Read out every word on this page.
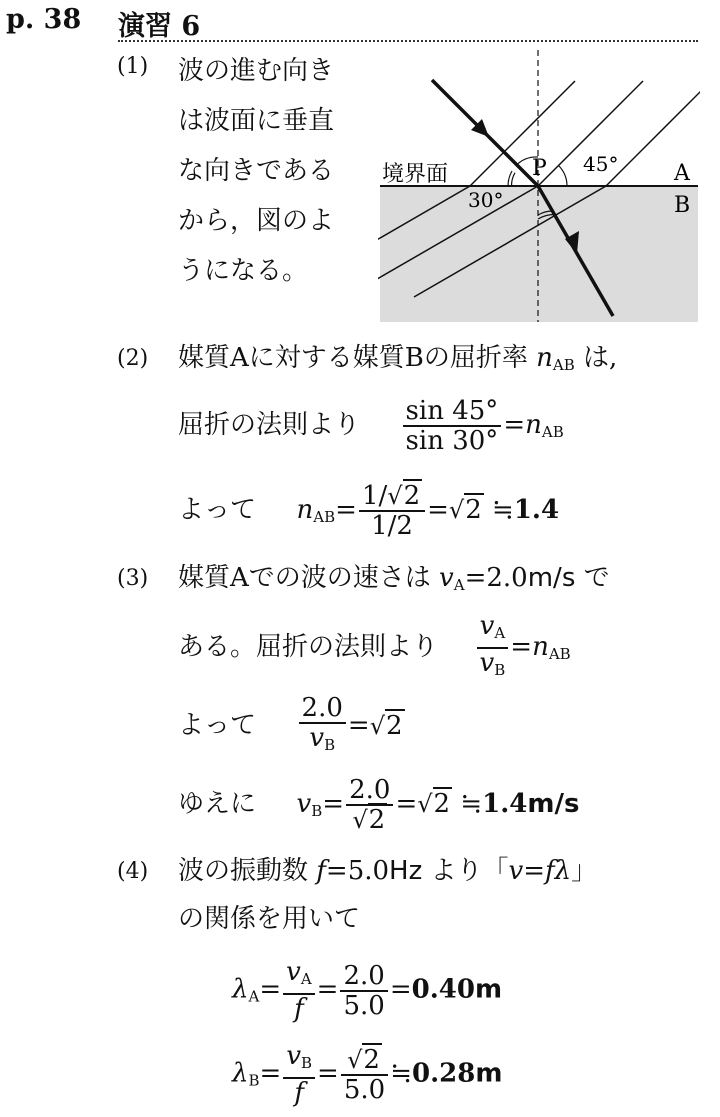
p. 38 演習 6
(1) 波の進む向き
は波面に垂直
な向きである
から，図のよ
うになる。
境界面	P 45°
30°
A
B
(2) 媒質Aに対する媒質Bの屈折率 $n_{AB}$ は,
屈折の法則より $\frac{\sin 45^\circ}{\sin 30^\circ} =n_{AB}$
よって $n_{AB}= \frac{1/√2}{1/2} =√2$ ≒1.4
(3) 媒質Aでの波の速さは $v_A=2.0m/s$ で
ある。屈折の法則より $\frac{v_A}{v_B} =n_{AB}$
よって $\frac{2.0}{v_B} =√2$
ゆえに $v_B= \frac{2.0}{√2} =√2$ ≒1.4m/s
(4) 波の振動数 f=5.0Hz より「v=fλ」
の関係を用いて
$\lambda_A= \frac{v_A}{f} = \frac{2.0}{5.0} =0.40m$
$\lambda_B= \frac{v_B}{f} = \frac{√2}{5.0}$ ≒0.28m
